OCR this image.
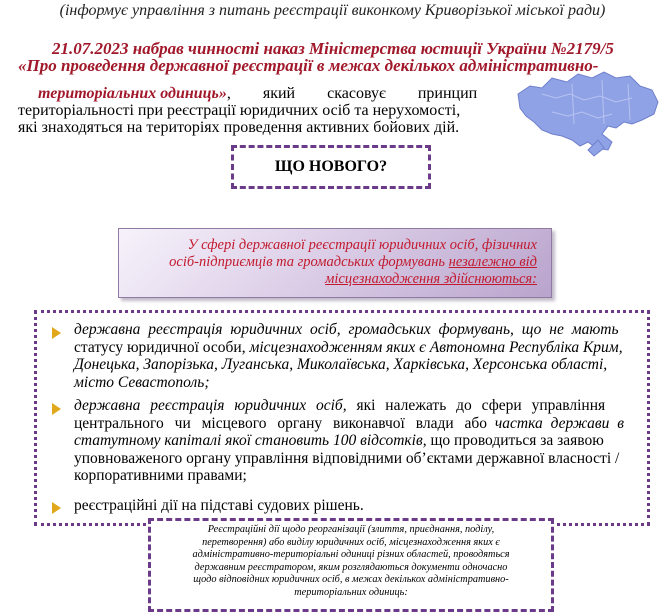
(інформує управління з питань реєстрації виконкому Криворізької міської ради)
21.07.2023 набрав чинності наказ Міністерства юстиції України №2179/5
«Про проведення державної реєстрації в межах декількох адміністративно-
територіальних одиниць», який скасовує принцип
територіальності при реєстрації юридичних осіб та нерухомості,
які знаходяться на територіях проведення активних бойових дій.
ЩО НОВОГО?
У сфері державної реєстрації юридичних осіб, фізичних
осіб-підприємців та громадських формувань незалежно від
місцезнаходження здійснюються:
державна реєстрація юридичних осіб, громадських формувань, що не мають
статусу юридичної особи, місцезнаходженням яких є Автономна Республіка Крим,
Донецька, Запорізька, Луганська, Миколаївська, Харківська, Херсонська області,
місто Севастополь;
державна реєстрація юридичних осіб, які належать до сфери управління
центрального чи місцевого органу виконавчої влади або частка держави в
статутному капіталі якої становить 100 відсотків, що проводиться за заявою
уповноваженого органу управління відповідними об’єктами державної власності /
корпоративними правами;
реєстраційні дії на підставі судових рішень.
Реєстраційні дії щодо реорганізації (злиття, приєднання, поділу,
перетворення) або виділу юридичних осіб, місцезнаходження яких є
адміністративно-територіальні одиниці різних областей, проводяться
державним реєстратором, яким розглядаються документи одночасно
щодо відповідних юридичних осіб, в межах декількох адміністративно-
територіальних одиниць:
